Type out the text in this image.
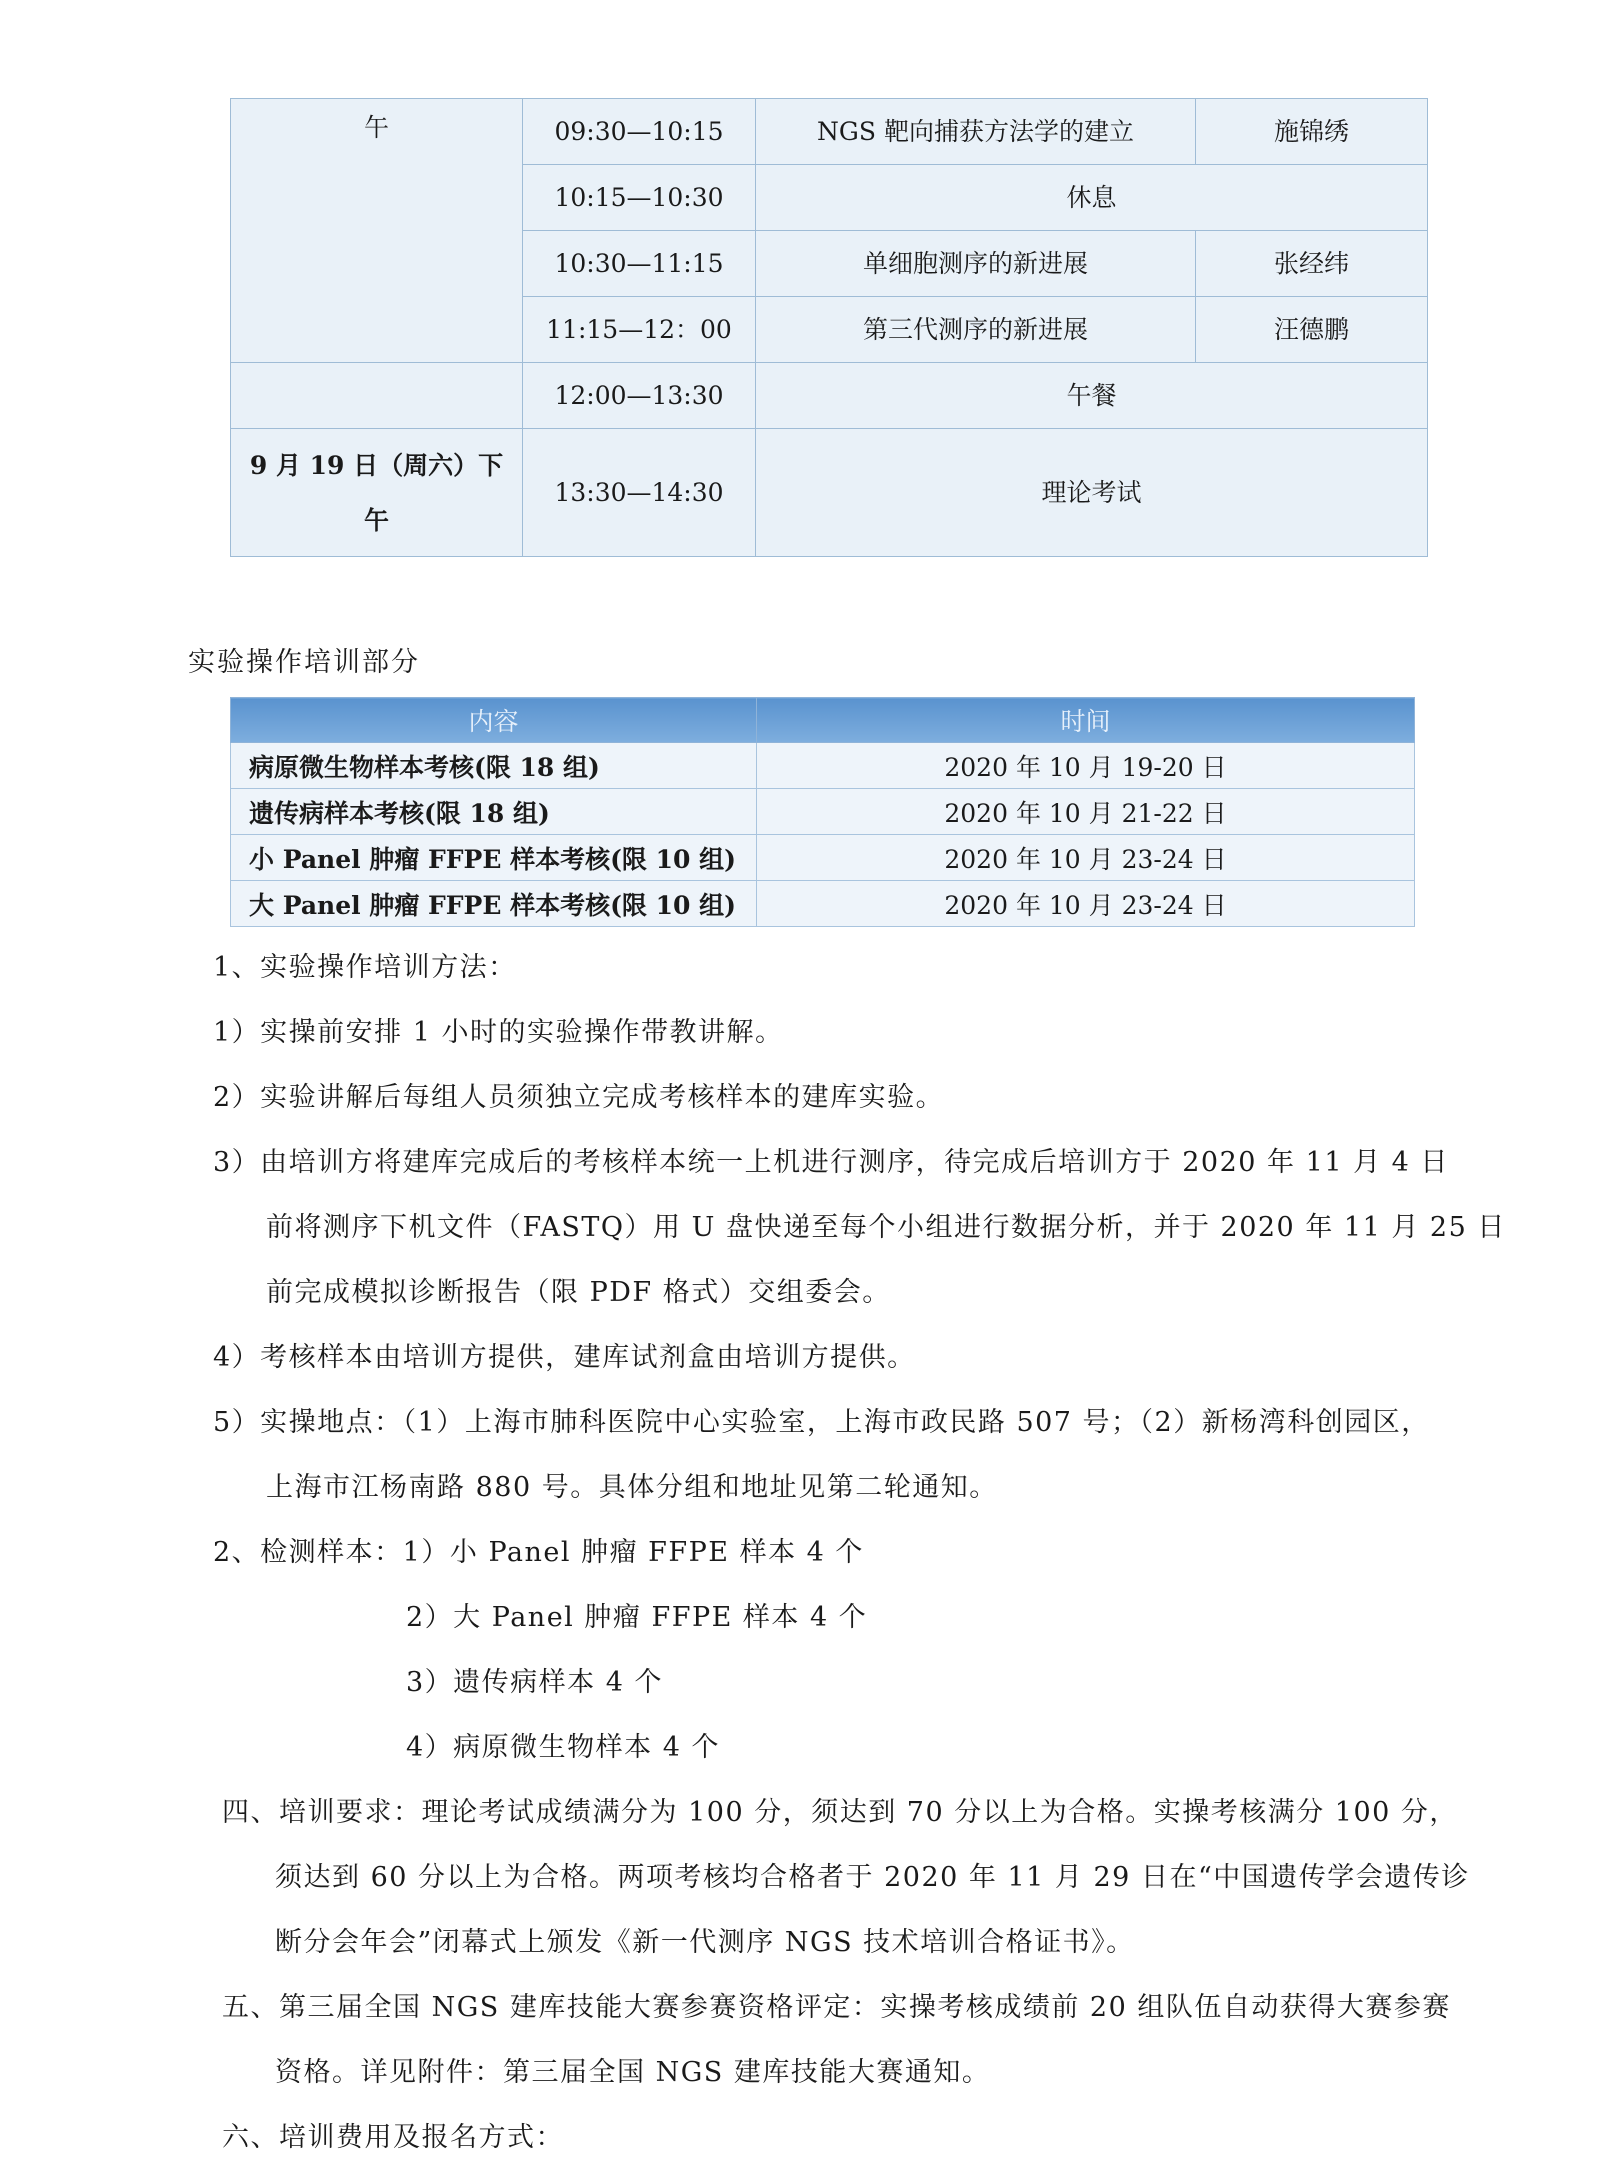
午	09:30—10:15	NGS 靶向捕获方法学的建立	施锦绣
	10:15—10:30	休息	
	10:30—11:15	单细胞测序的新进展	张经纬
	11:15—12：00	第三代测序的新进展	汪德鹏
	12:00—13:30	午餐	

9 月 19 日（周六）下
午	13:30—14:30	理论考试	
实验操作培训部分
内容	时间
病原微生物样本考核(限 18 组)	2020 年 10 月 19-20 日
遗传病样本考核(限 18 组)	2020 年 10 月 21-22 日
小 Panel 肿瘤 FFPE 样本考核(限 10 组)	2020 年 10 月 23-24 日
大 Panel 肿瘤 FFPE 样本考核(限 10 组)	2020 年 10 月 23-24 日
1、实验操作培训方法：
1）实操前安排 1 小时的实验操作带教讲解。
2）实验讲解后每组人员须独立完成考核样本的建库实验。
3）由培训方将建库完成后的考核样本统一上机进行测序，待完成后培训方于 2020 年 11 月 4 日
前将测序下机文件（FASTQ）用 U 盘快递至每个小组进行数据分析，并于 2020 年 11 月 25 日
前完成模拟诊断报告（限 PDF 格式）交组委会。
4）考核样本由培训方提供，建库试剂盒由培训方提供。
5）实操地点：（1）上海市肺科医院中心实验室，上海市政民路 507 号；（2）新杨湾科创园区，
上海市江杨南路 880 号。具体分组和地址见第二轮通知。
2、检测样本：1）小 Panel 肿瘤 FFPE 样本 4 个
2）大 Panel 肿瘤 FFPE 样本 4 个
3）遗传病样本 4 个
4）病原微生物样本 4 个
四、培训要求：理论考试成绩满分为 100 分，须达到 70 分以上为合格。实操考核满分 100 分，
须达到 60 分以上为合格。两项考核均合格者于 2020 年 11 月 29 日在“中国遗传学会遗传诊
断分会年会”闭幕式上颁发《新一代测序 NGS 技术培训合格证书》。
五、第三届全国 NGS 建库技能大赛参赛资格评定：实操考核成绩前 20 组队伍自动获得大赛参赛
资格。详见附件：第三届全国 NGS 建库技能大赛通知。
六、培训费用及报名方式：
